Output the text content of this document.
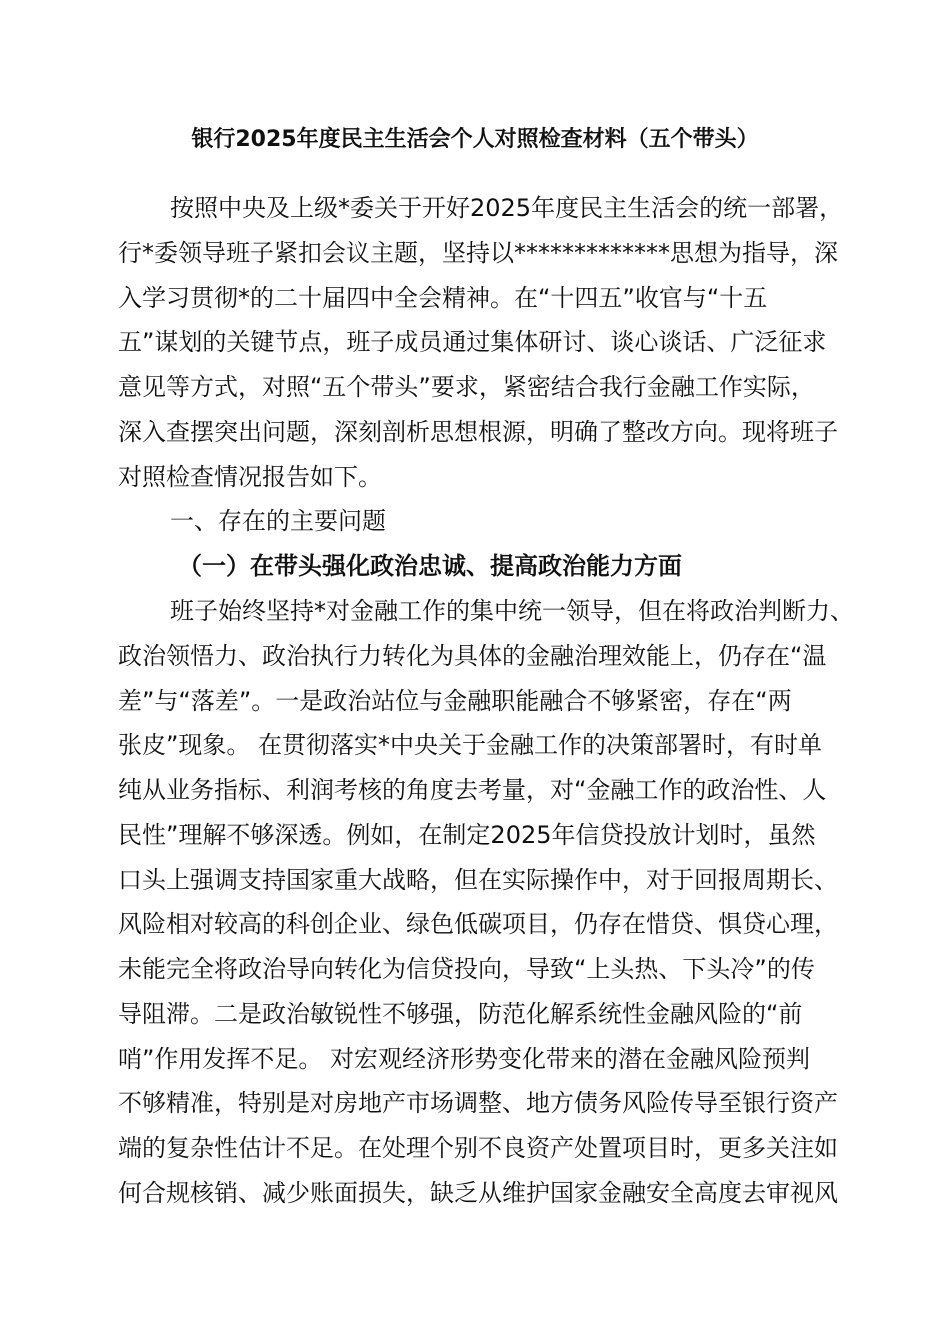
银行2025年度民主生活会个人对照检查材料（五个带头）

按照中央及上级*委关于开好2025年度民主生活会的统一部署，

行*委领导班子紧扣会议主题，坚持以*************思想为指导，深

入学习贯彻*的二十届四中全会精神。在“十四五”收官与“十五

五”谋划的关键节点，班子成员通过集体研讨、谈心谈话、广泛征求

意见等方式，对照“五个带头”要求，紧密结合我行金融工作实际，

深入查摆突出问题，深刻剖析思想根源，明确了整改方向。现将班子

对照检查情况报告如下。

一、存在的主要问题

（一）在带头强化政治忠诚、提高政治能力方面

班子始终坚持*对金融工作的集中统一领导，但在将政治判断力、

政治领悟力、政治执行力转化为具体的金融治理效能上，仍存在“温

差”与“落差”。一是政治站位与金融职能融合不够紧密，存在“两

张皮”现象。 在贯彻落实*中央关于金融工作的决策部署时，有时单

纯从业务指标、利润考核的角度去考量，对“金融工作的政治性、人

民性”理解不够深透。例如，在制定2025年信贷投放计划时，虽然

口头上强调支持国家重大战略，但在实际操作中，对于回报周期长、

风险相对较高的科创企业、绿色低碳项目，仍存在惜贷、惧贷心理，

未能完全将政治导向转化为信贷投向，导致“上头热、下头冷”的传

导阻滞。二是政治敏锐性不够强，防范化解系统性金融风险的“前

哨”作用发挥不足。 对宏观经济形势变化带来的潜在金融风险预判

不够精准，特别是对房地产市场调整、地方债务风险传导至银行资产

端的复杂性估计不足。在处理个别不良资产处置项目时，更多关注如

何合规核销、减少账面损失，缺乏从维护国家金融安全高度去审视风
